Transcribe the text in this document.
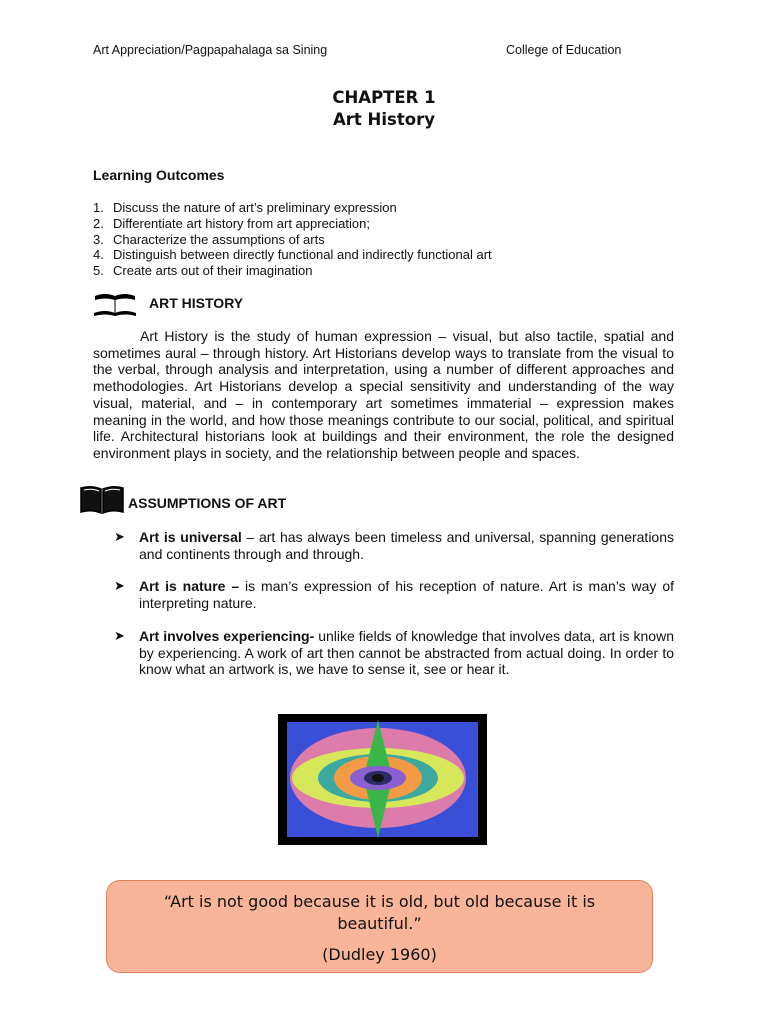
Art Appreciation/Pagpapahalaga sa Sining	College of Education
CHAPTER 1
Art History
Learning Outcomes
1. Discuss the nature of art’s preliminary expression
2. Differentiate art history from art appreciation;
3. Characterize the assumptions of arts
4. Distinguish between directly functional and indirectly functional art
5. Create arts out of their imagination
ART HISTORY

Art History is the study of human expression – visual, but also tactile, spatial and sometimes aural – through history. Art Historians develop ways to translate from the visual to the verbal, through analysis and interpretation, using a number of different approaches and methodologies. Art Historians develop a special sensitivity and understanding of the way visual, material, and – in contemporary art sometimes immaterial – expression makes meaning in the world, and how those meanings contribute to our social, political, and spiritual life. Architectural historians look at buildings and their environment, the role the designed environment plays in society, and the relationship between people and spaces.

ASSUMPTIONS OF ART
➤ Art is universal – art has always been timeless and universal, spanning generations and continents through and through.
➤ Art is nature – is man’s expression of his reception of nature. Art is man’s way of interpreting nature.
➤ Art involves experiencing- unlike fields of knowledge that involves data, art is known by experiencing. A work of art then cannot be abstracted from actual doing. In order to know what an artwork is, we have to sense it, see or hear it.
“Art is not good because it is old, but old because it is beautiful.”
(Dudley 1960)
